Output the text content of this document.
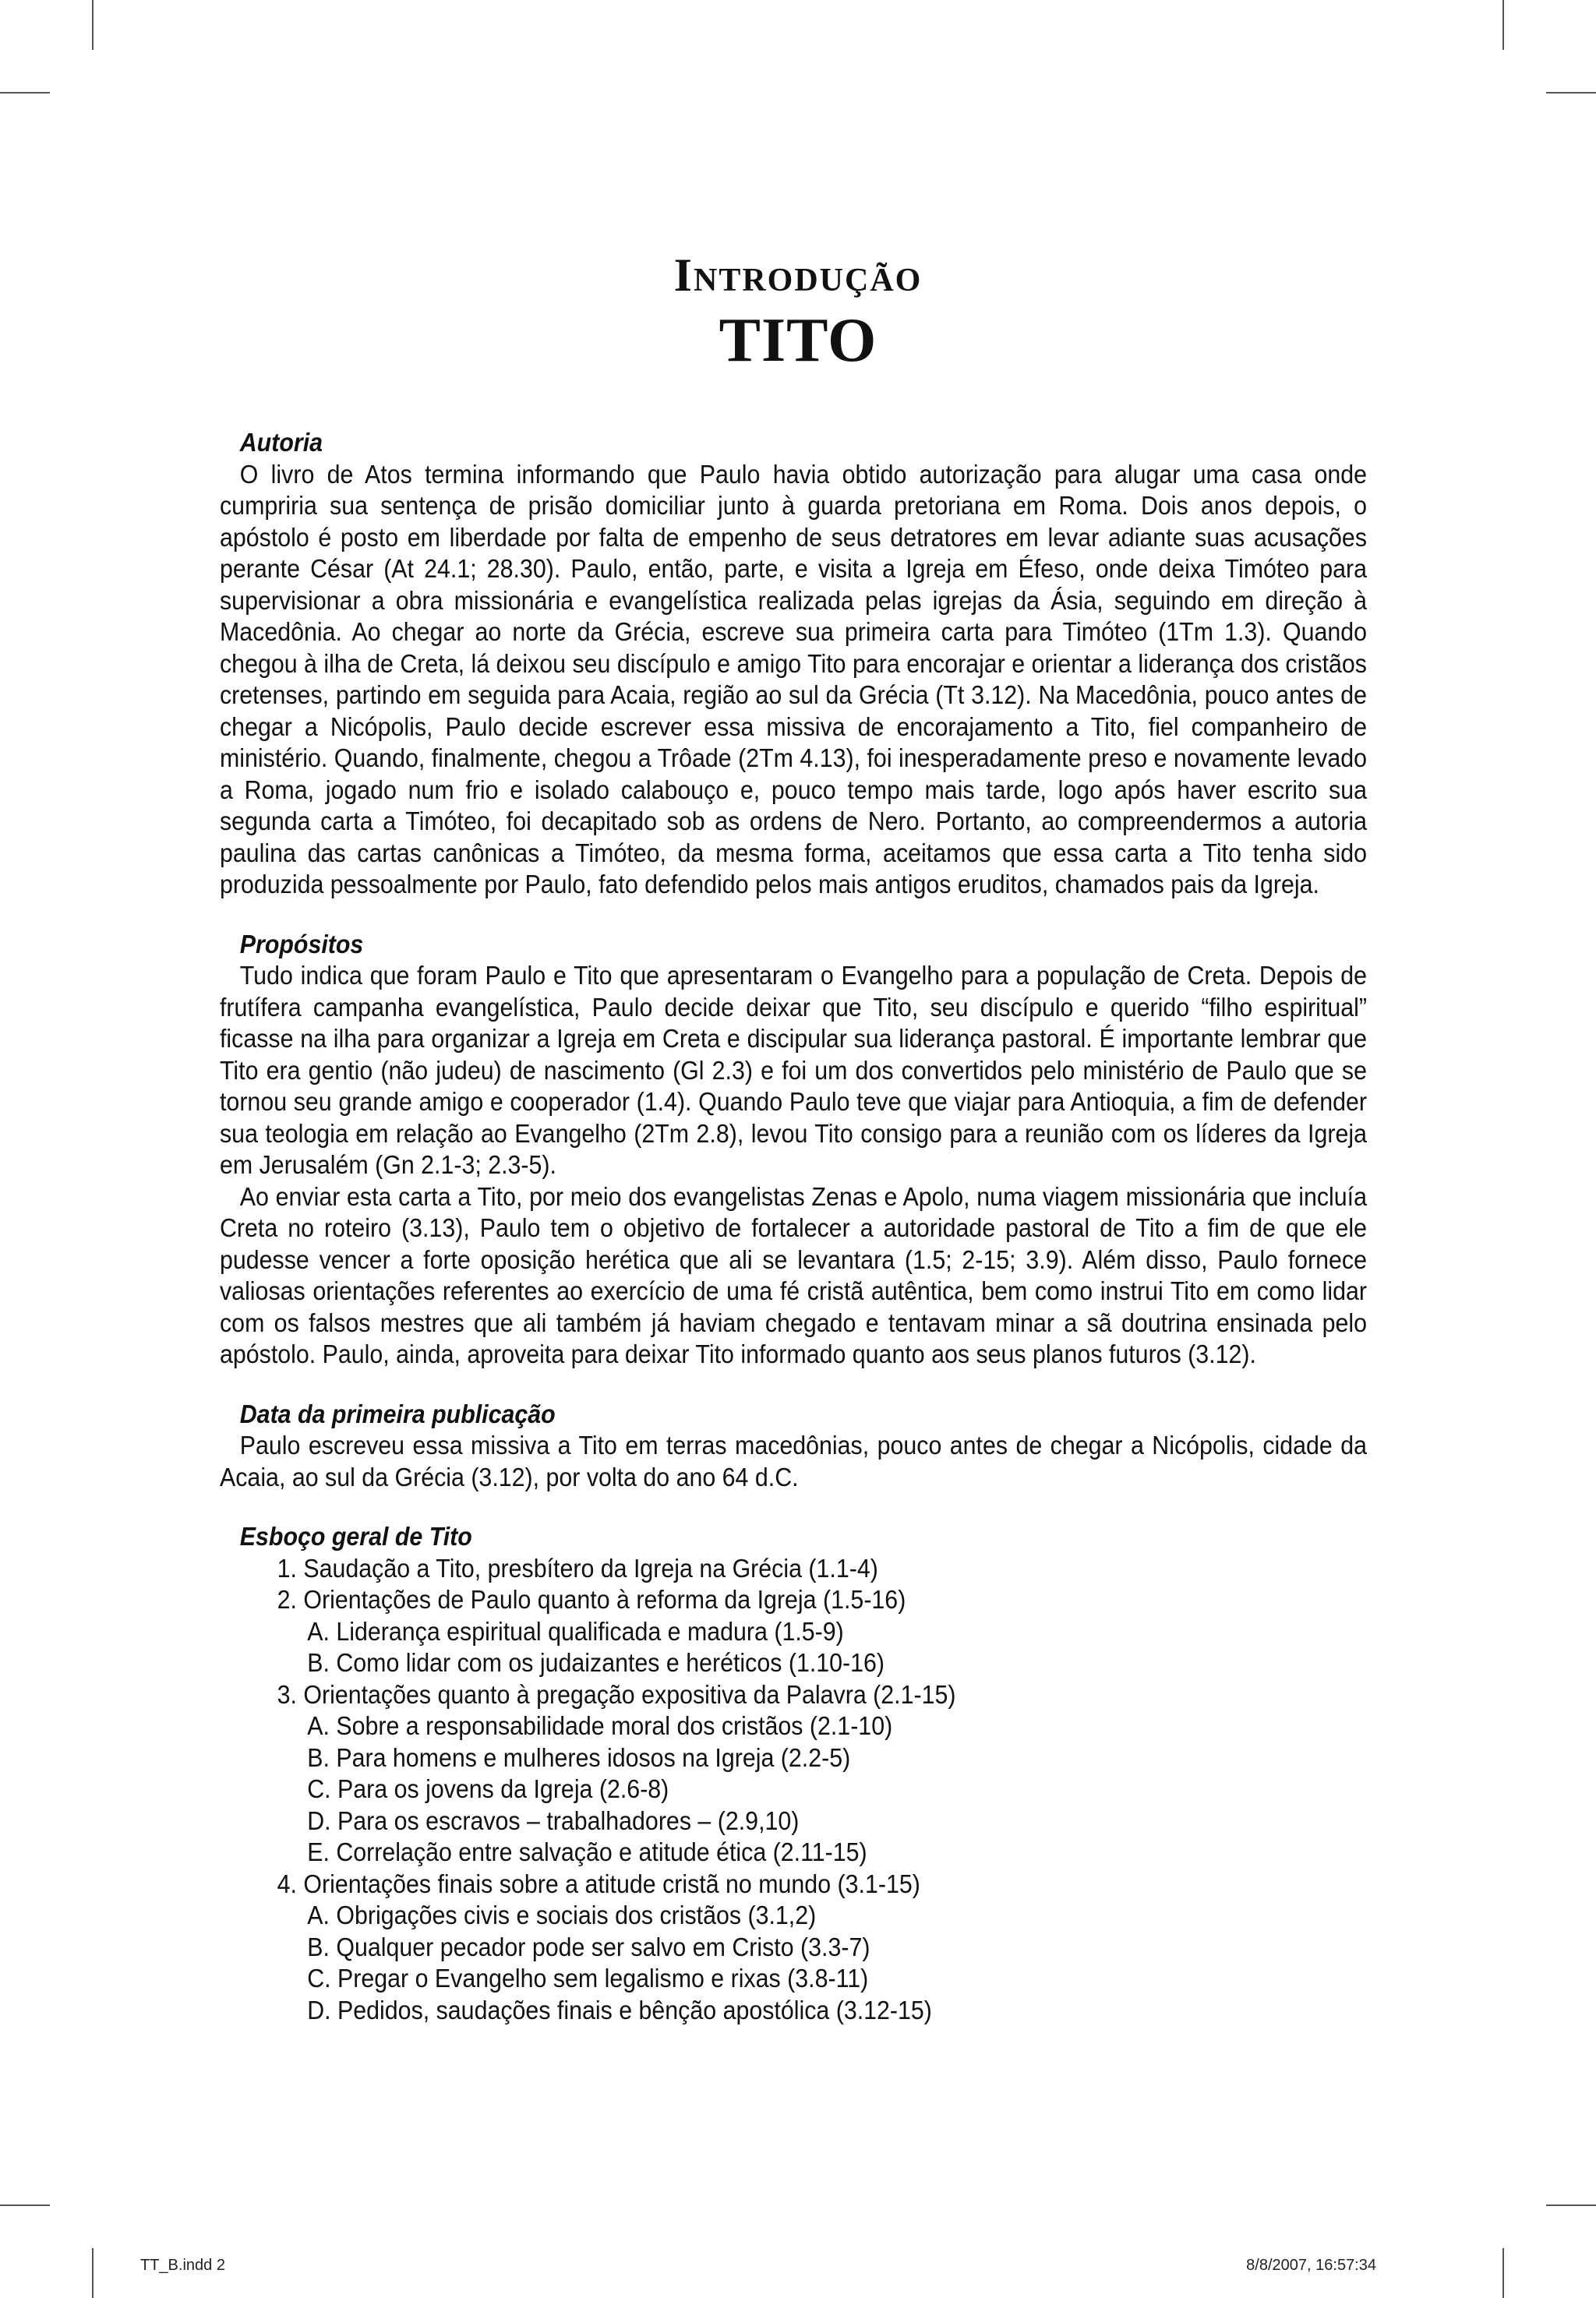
Introdução
TITO
Autoria

O livro de Atos termina informando que Paulo havia obtido autorização para alugar uma casa onde cumpriria sua sentença de prisão domiciliar junto à guarda pretoriana em Roma. Dois anos depois, o apóstolo é posto em liberdade por falta de empenho de seus detratores em levar adiante suas acusações perante César (At 24.1; 28.30). Paulo, então, parte, e visita a Igreja em Éfeso, onde deixa Timóteo para supervisionar a obra missionária e evangelística realizada pelas igrejas da Ásia, seguindo em direção à Macedônia. Ao chegar ao norte da Grécia, escreve sua primeira carta para Timóteo (1Tm 1.3). Quando chegou à ilha de Creta, lá deixou seu discípulo e amigo Tito para encorajar e orientar a liderança dos cristãos cretenses, partindo em seguida para Acaia, região ao sul da Grécia (Tt 3.12). Na Macedônia, pouco antes de chegar a Nicópolis, Paulo decide escrever essa missiva de encorajamento a Tito, fiel companheiro de ministério. Quando, finalmente, chegou a Trôade (2Tm 4.13), foi inesperadamente preso e novamente levado a Roma, jogado num frio e isolado calabouço e, pouco tempo mais tarde, logo após haver escrito sua segunda carta a Timóteo, foi decapitado sob as ordens de Nero. Portanto, ao compreendermos a autoria paulina das cartas canônicas a Timóteo, da mesma forma, aceitamos que essa carta a Tito tenha sido produzida pessoalmente por Paulo, fato defendido pelos mais antigos eruditos, chamados pais da Igreja.

Propósitos

Tudo indica que foram Paulo e Tito que apresentaram o Evangelho para a população de Creta. Depois de frutífera campanha evangelística, Paulo decide deixar que Tito, seu discípulo e querido “filho espiritual” ficasse na ilha para organizar a Igreja em Creta e discipular sua liderança pastoral. É importante lembrar que Tito era gentio (não judeu) de nascimento (Gl 2.3) e foi um dos convertidos pelo ministério de Paulo que se tornou seu grande amigo e cooperador (1.4). Quando Paulo teve que viajar para Antioquia, a fim de defender sua teologia em relação ao Evangelho (2Tm 2.8), levou Tito consigo para a reunião com os líderes da Igreja em Jerusalém (Gn 2.1-3; 2.3-5).

Ao enviar esta carta a Tito, por meio dos evangelistas Zenas e Apolo, numa viagem missionária que incluía Creta no roteiro (3.13), Paulo tem o objetivo de fortalecer a autoridade pastoral de Tito a fim de que ele pudesse vencer a forte oposição herética que ali se levantara (1.5; 2-15; 3.9). Além disso, Paulo fornece valiosas orientações referentes ao exercício de uma fé cristã autêntica, bem como instrui Tito em como lidar com os falsos mestres que ali também já haviam chegado e tentavam minar a sã doutrina ensinada pelo apóstolo. Paulo, ainda, aproveita para deixar Tito informado quanto aos seus planos futuros (3.12).

Data da primeira publicação

Paulo escreveu essa missiva a Tito em terras macedônias, pouco antes de chegar a Nicópolis, cidade da Acaia, ao sul da Grécia (3.12), por volta do ano 64 d.C.

Esboço geral de Tito
1. Saudação a Tito, presbítero da Igreja na Grécia (1.1-4)
2. Orientações de Paulo quanto à reforma da Igreja (1.5-16)
A. Liderança espiritual qualificada e madura (1.5-9)
B. Como lidar com os judaizantes e heréticos (1.10-16)
3. Orientações quanto à pregação expositiva da Palavra (2.1-15)
A. Sobre a responsabilidade moral dos cristãos (2.1-10)
B. Para homens e mulheres idosos na Igreja (2.2-5)
C. Para os jovens da Igreja (2.6-8)
D. Para os escravos – trabalhadores – (2.9,10)
E. Correlação entre salvação e atitude ética (2.11-15)
4. Orientações finais sobre a atitude cristã no mundo (3.1-15)
A. Obrigações civis e sociais dos cristãos (3.1,2)
B. Qualquer pecador pode ser salvo em Cristo (3.3-7)
C. Pregar o Evangelho sem legalismo e rixas (3.8-11)
D. Pedidos, saudações finais e bênção apostólica (3.12-15)
TT_B.indd 2	8/8/2007, 16:57:34
